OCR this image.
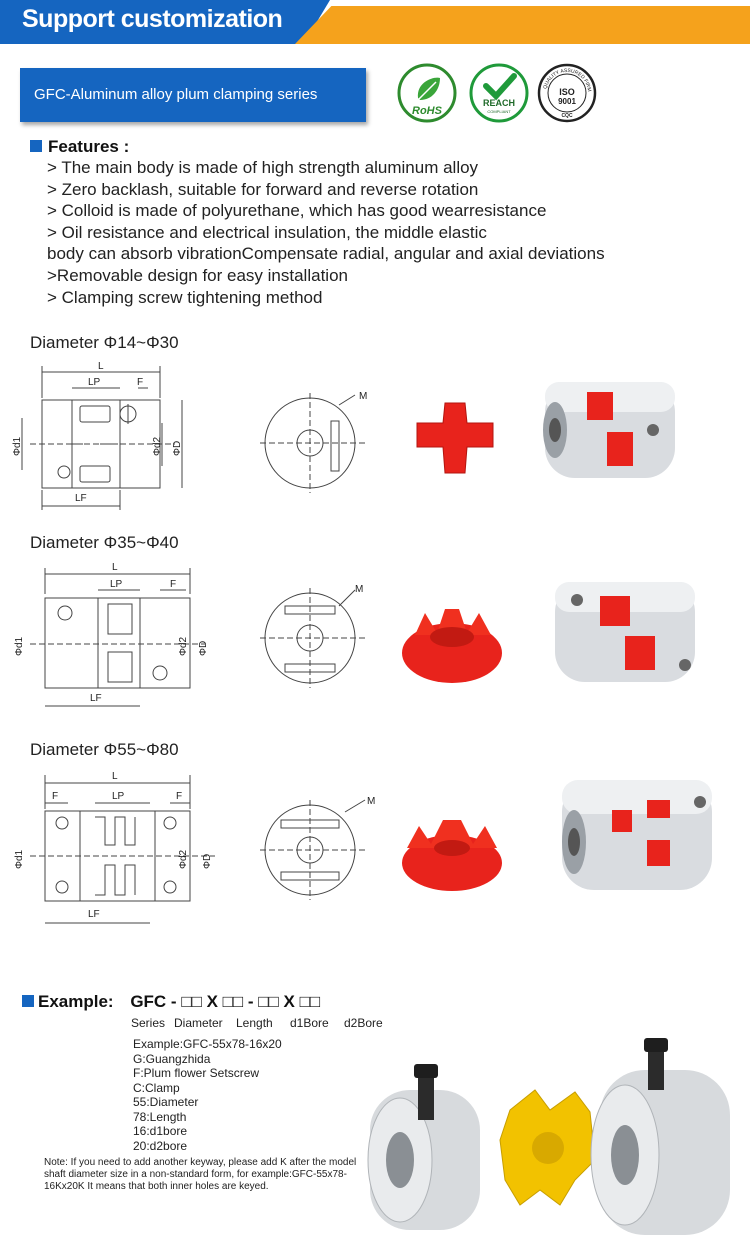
Support customization
GFC-Aluminum alloy plum clamping series
RoHS
REACH
COMPLIANT
QUALITY ASSURED FIRM
ISO
9001
CQC
Features :
> The main body is made of high strength aluminum alloy
> Zero backlash, suitable for forward and reverse rotation
> Colloid is made of polyurethane, which has good wearresistance
> Oil resistance and electrical insulation, the middle elastic
body can absorb vibrationCompensate radial, angular and axial deviations
>Removable design for easy installation
> Clamping screw tightening method
Diameter Φ14~Φ30
Diameter Φ35~Φ40
Diameter Φ55~Φ80
L
LP	F
LF
Φd1	Φd2 ΦD
M
L
LP	F
LF
Φd1	Φd2 ΦD
M
L
F	LP	F
LF
Φd1	Φd2 ΦD
M
Example: GFC - □□ X □□ - □□ X □□
Series Diameter Length d1Bore d2Bore
Example:GFC-55x78-16x20
G:Guangzhida
F:Plum flower Setscrew
C:Clamp
55:Diameter
78:Length
16:d1bore
20:d2bore
Note: If you need to add another keyway, please add K after the model shaft diameter size in a non-standard form, for example:GFC-55x78-16Kx20K It means that both inner holes are keyed.
